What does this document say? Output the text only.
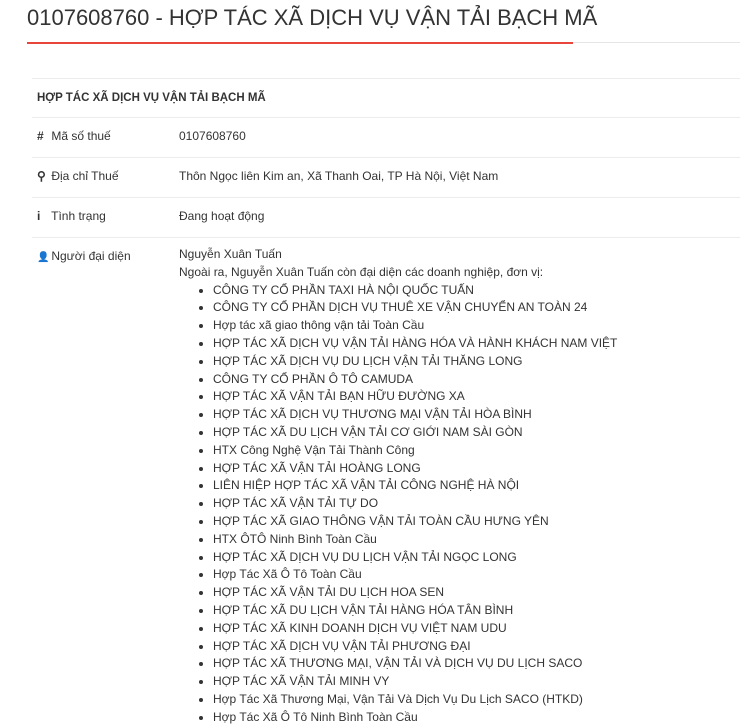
0107608760 - HỢP TÁC XÃ DỊCH VỤ VẬN TẢI BẠCH MÃ
HỢP TÁC XÃ DỊCH VỤ VẬN TẢI BẠCH MÃ
# Mã số thuế	0107608760
⚲ Địa chỉ Thuế	Thôn Ngọc liên Kim an, Xã Thanh Oai, TP Hà Nội, Việt Nam
i Tình trạng	Đang hoạt động
👤 Người đại diện	Nguyễn Xuân Tuấn
Ngoài ra, Nguyễn Xuân Tuấn còn đại diện các doanh nghiệp, đơn vị:
• CÔNG TY CỔ PHẦN TAXI HÀ NỘI QUỐC TUẤN
• CÔNG TY CỔ PHẦN DỊCH VỤ THUÊ XE VẬN CHUYỂN AN TOÀN 24
• Hợp tác xã giao thông vận tải Toàn Cầu
• HỢP TÁC XÃ DỊCH VỤ VẬN TẢI HÀNG HÓA VÀ HÀNH KHÁCH NAM VIỆT
• HỢP TÁC XÃ DỊCH VỤ DU LỊCH VẬN TẢI THĂNG LONG
• CÔNG TY CỔ PHẦN Ô TÔ CAMUDA
• HỢP TÁC XÃ VẬN TẢI BẠN HỮU ĐƯỜNG XA
• HỢP TÁC XÃ DỊCH VỤ THƯƠNG MẠI VẬN TẢI HÒA BÌNH
• HỢP TÁC XÃ DU LỊCH VẬN TẢI CƠ GIỚI NAM SÀI GÒN
• HTX Công Nghệ Vận Tải Thành Công
• HỢP TÁC XÃ VẬN TẢI HOÀNG LONG
• LIÊN HIỆP HỢP TÁC XÃ VẬN TẢI CÔNG NGHỆ HÀ NỘI
• HỢP TÁC XÃ VẬN TẢI TỰ DO
• HỢP TÁC XÃ GIAO THÔNG VẬN TẢI TOÀN CẦU HƯNG YÊN
• HTX ÔTÔ Ninh Bình Toàn Cầu
• HỢP TÁC XÃ DỊCH VỤ DU LỊCH VẬN TẢI NGỌC LONG
• Hợp Tác Xã Ô Tô Toàn Cầu
• HỢP TÁC XÃ VẬN TẢI DU LỊCH HOA SEN
• HỢP TÁC XÃ DU LỊCH VẬN TẢI HÀNG HÓA TÂN BÌNH
• HỢP TÁC XÃ KINH DOANH DỊCH VỤ VIỆT NAM UDU
• HỢP TÁC XÃ DỊCH VỤ VẬN TẢI PHƯƠNG ĐẠI
• HỢP TÁC XÃ THƯƠNG MẠI, VẬN TẢI VÀ DỊCH VỤ DU LỊCH SACO
• HỢP TÁC XÃ VẬN TẢI MINH VY
• Hợp Tác Xã Thương Mại, Vận Tải Và Dịch Vụ Du Lịch SACO (HTKD)
• Hợp Tác Xã Ô Tô Ninh Bình Toàn Cầu
